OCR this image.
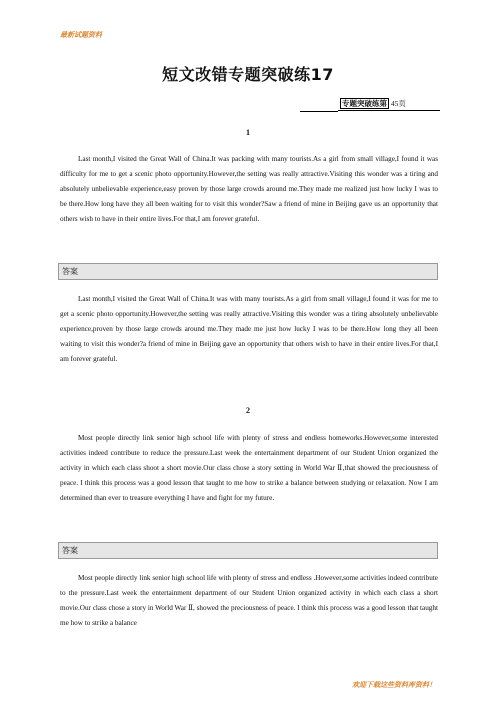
最新试题资料
短文改错专题突破练17
专题突破练第 45页
1

Last month,I visited the Great Wall of China.It was packing with many tourists.As a girl from small village,I found it was difficulty for me to get a scenic photo opportunity.However,the setting was really attractive.Visiting this wonder was a tiring and absolutely unbelievable experience,easy proven by those large crowds around me.They made me realized just how lucky I was to be there.How long have they all been waiting for to visit this wonder?Saw a friend of mine in Beijing gave us an opportunity that others wish to have in their entire lives.For that,I am forever grateful.

答案

Last month,I visited the Great Wall of China.It was with many tourists.As a girl from small village,I found it was for me to get a scenic photo opportunity.However,the setting was really attractive.Visiting this wonder was a tiring absolutely unbelievable experience,proven by those large crowds around me.They made me just how lucky I was to be there.How long they all been waiting to visit this wonder?a friend of mine in Beijing gave an opportunity that others wish to have in their entire lives.For that,I am forever grateful.

2

Most people directly link senior high school life with plenty of stress and endless homeworks.However,some interested activities indeed contribute to reduce the pressure.Last week the entertainment department of our Student Union organized the activity in which each class shoot a short movie.Our class chose a story setting in World War Ⅱ,that showed the preciousness of peace. I think this process was a good lesson that taught to me how to strike a balance between studying or relaxation. Now I am determined than ever to treasure everything I have and fight for my future.

答案

Most people directly link senior high school life with plenty of stress and endless .However,some activities indeed contribute to the pressure.Last week the entertainment department of our Student Union organized activity in which each class a short movie.Our class chose a story in World War Ⅱ, showed the preciousness of peace. I think this process was a good lesson that taught me how to strike a balance

欢迎下载这些资料库资料！
